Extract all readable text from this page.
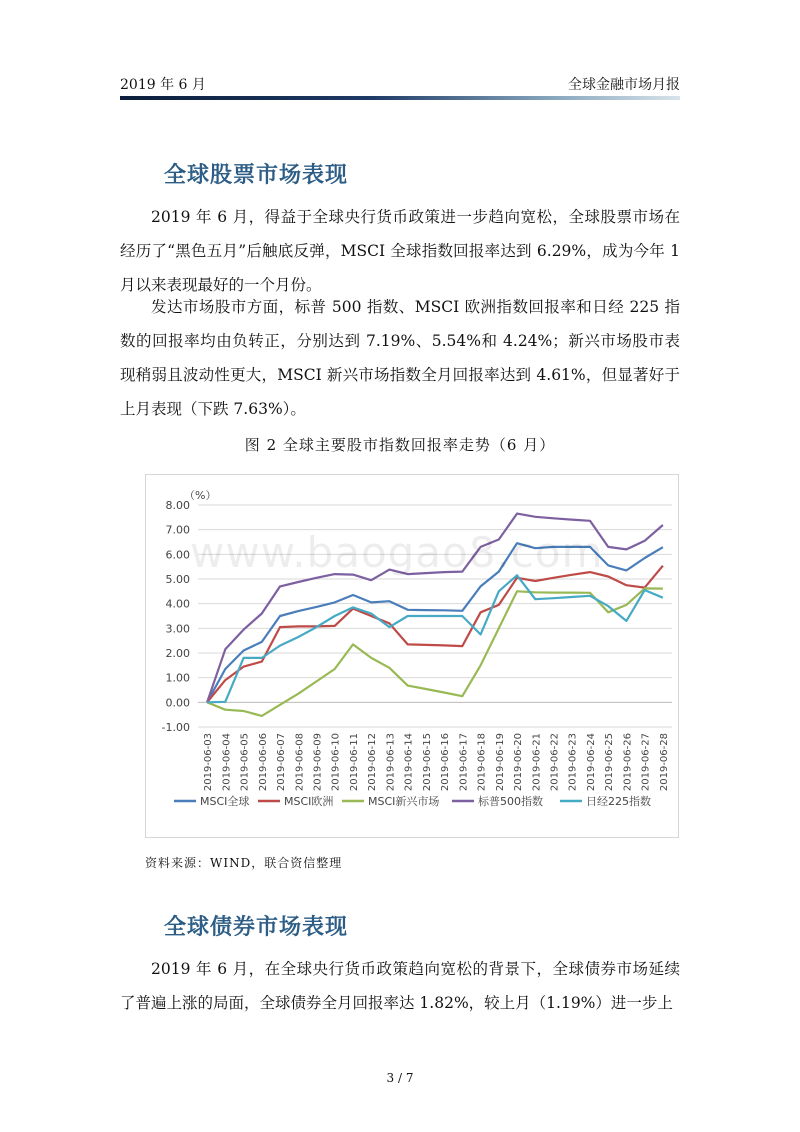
2019 年 6 月	全球金融市场月报
全球股票市场表现
2019 年 6 月，得益于全球央行货币政策进一步趋向宽松，全球股票市场在经历了“黑色五月”后触底反弹，MSCI 全球指数回报率达到 6.29%，成为今年 1 月以来表现最好的一个月份。
发达市场股市方面，标普 500 指数、MSCI 欧洲指数回报率和日经 225 指数的回报率均由负转正，分别达到 7.19%、5.54%和 4.24%；新兴市场股市表现稍弱且波动性更大，MSCI 新兴市场指数全月回报率达到 4.61%，但显著好于上月表现（下跌 7.63%）。
图 2 全球主要股市指数回报率走势（6 月）
-1.00
0.00
1.00
2.00
3.00
4.00
5.00
6.00
7.00
8.00
（%）
2019-06-03 2019-06-04 2019-06-05 2019-06-06 2019-06-07 2019-06-08 2019-06-09 2019-06-10 2019-06-11 2019-06-12 2019-06-13 2019-06-14 2019-06-15 2019-06-16 2019-06-17 2019-06-18 2019-06-19 2019-06-20 2019-06-21 2019-06-22 2019-06-23 2019-06-24 2019-06-25 2019-06-26 2019-06-27 2019-06-28
MSCI全球	MSCI欧洲	MSCI新兴市场	标普500指数	日经225指数
www.baogao8.com
资料来源：WIND，联合资信整理
全球债券市场表现
2019 年 6 月，在全球央行货币政策趋向宽松的背景下，全球债券市场延续了普遍上涨的局面，全球债券全月回报率达 1.82%，较上月（1.19%）进一步上
3 / 7
